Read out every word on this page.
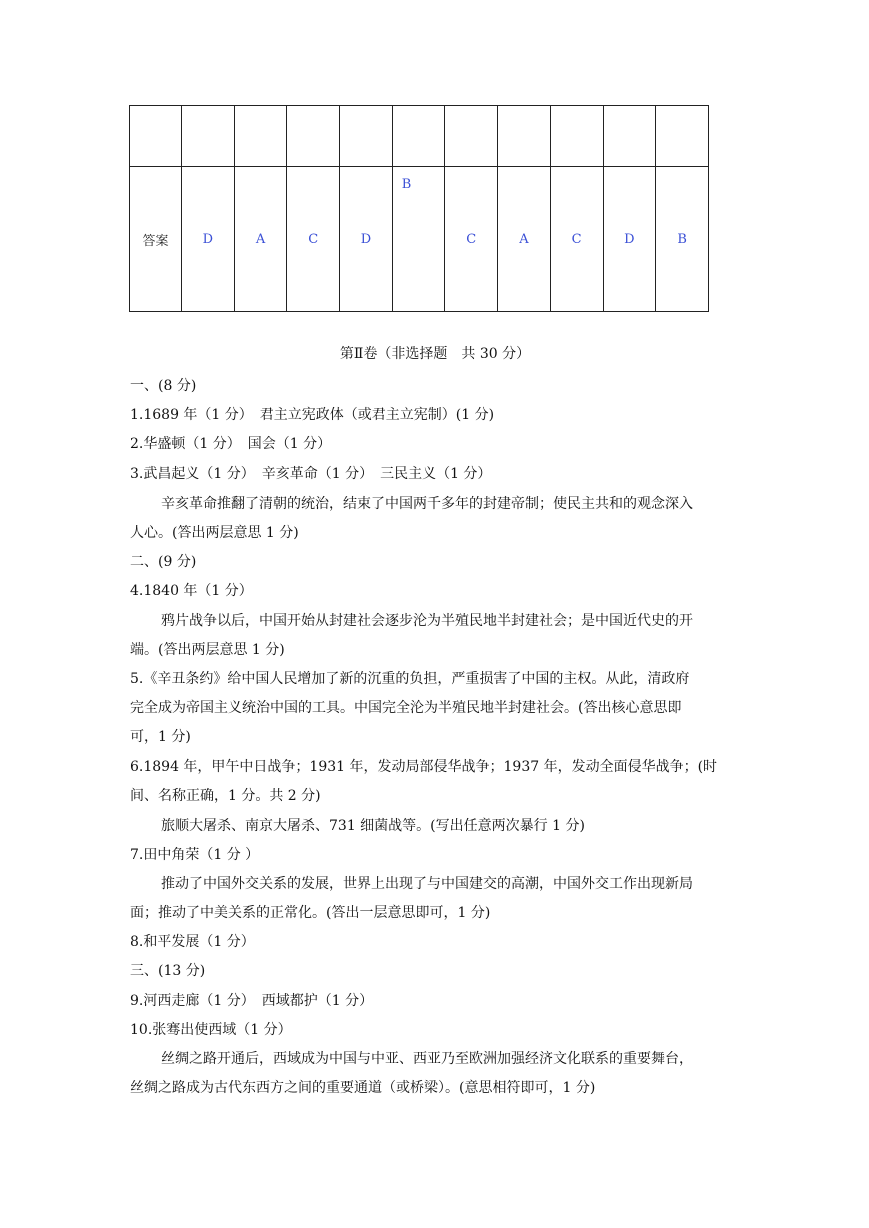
答案	D	A	C	D	B	C	A	C	D	B
第Ⅱ卷（非选择题　共 30 分）
一、(8 分)
1.1689 年（1 分）　君主立宪政体（或君主立宪制）(1 分)
2.华盛顿（1 分）　国会（1 分）
3.武昌起义（1 分）　辛亥革命（1 分）　三民主义（1 分）
辛亥革命推翻了清朝的统治，结束了中国两千多年的封建帝制；使民主共和的观念深入
人心。(答出两层意思 1 分)
二、(9 分)
4.1840 年（1 分）
鸦片战争以后，中国开始从封建社会逐步沦为半殖民地半封建社会；是中国近代史的开
端。(答出两层意思 1 分)
5.《辛丑条约》给中国人民增加了新的沉重的负担，严重损害了中国的主权。从此，清政府
完全成为帝国主义统治中国的工具。中国完全沦为半殖民地半封建社会。(答出核心意思即
可，1 分)
6.1894 年，甲午中日战争；1931 年，发动局部侵华战争；1937 年，发动全面侵华战争；(时
间、名称正确，1 分。共 2 分)
旅顺大屠杀、南京大屠杀、731 细菌战等。(写出任意两次暴行 1 分)
7.田中角荣（1 分 ）
推动了中国外交关系的发展，世界上出现了与中国建交的高潮，中国外交工作出现新局
面；推动了中美关系的正常化。(答出一层意思即可，1 分)
8.和平发展（1 分）
三、(13 分)
9.河西走廊（1 分）　西域都护（1 分）
10.张骞出使西域（1 分）
丝绸之路开通后，西域成为中国与中亚、西亚乃至欧洲加强经济文化联系的重要舞台，
丝绸之路成为古代东西方之间的重要通道（或桥梁）。(意思相符即可，1 分)
